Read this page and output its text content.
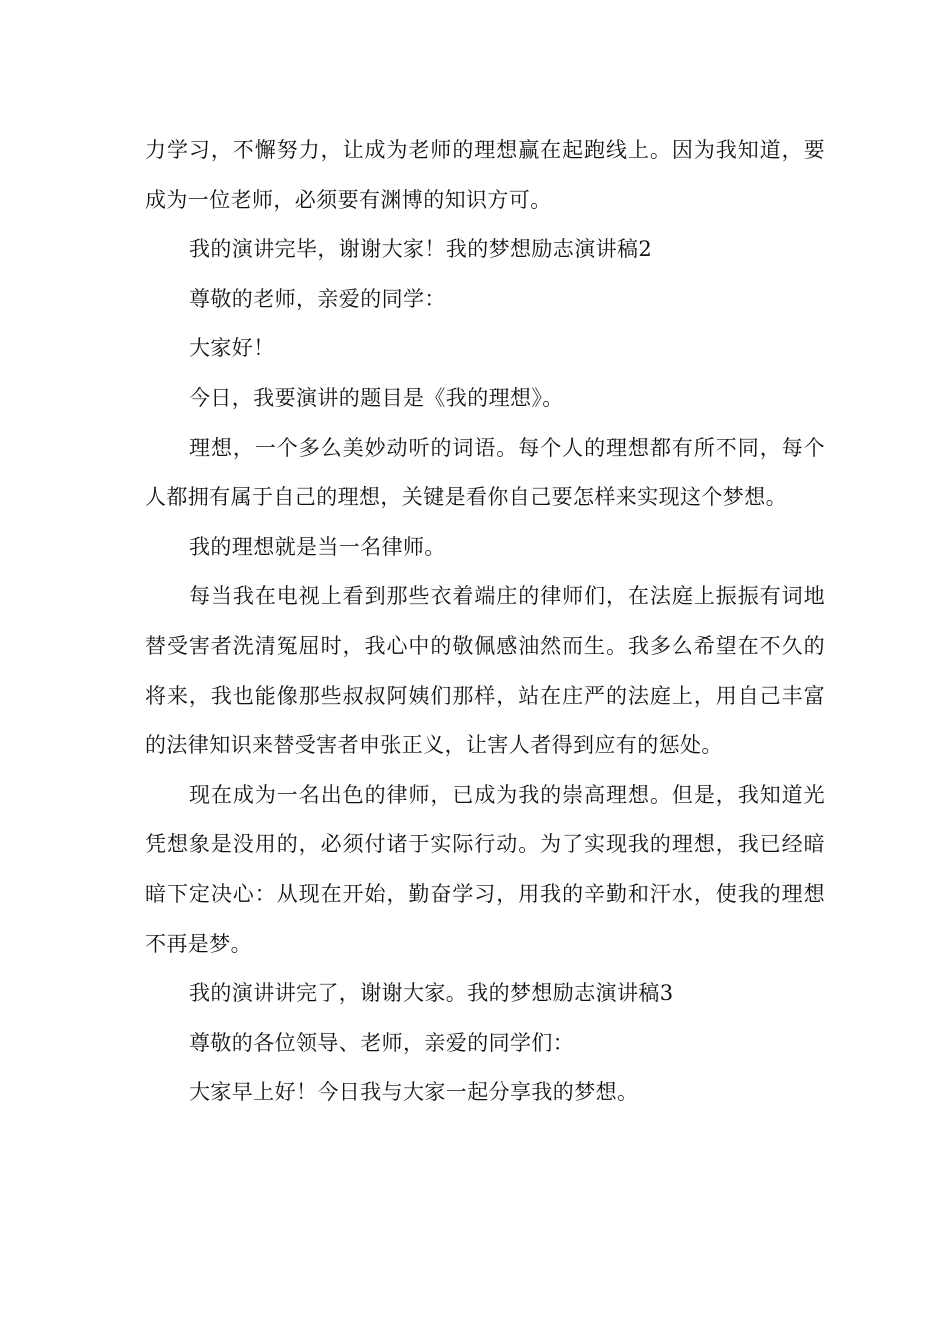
力学习，不懈努力，让成为老师的理想赢在起跑线上。因为我知道，要成为一位老师，必须要有渊博的知识方可。

我的演讲完毕，谢谢大家！我的梦想励志演讲稿2

尊敬的老师，亲爱的同学：

大家好！

今日，我要演讲的题目是《我的理想》。

理想，一个多么美妙动听的词语。每个人的理想都有所不同，每个人都拥有属于自己的理想，关键是看你自己要怎样来实现这个梦想。

我的理想就是当一名律师。

每当我在电视上看到那些衣着端庄的律师们，在法庭上振振有词地替受害者洗清冤屈时，我心中的敬佩感油然而生。我多么希望在不久的将来，我也能像那些叔叔阿姨们那样，站在庄严的法庭上，用自己丰富的法律知识来替受害者申张正义，让害人者得到应有的惩处。

现在成为一名出色的律师，已成为我的崇高理想。但是，我知道光凭想象是没用的，必须付诸于实际行动。为了实现我的理想，我已经暗暗下定决心：从现在开始，勤奋学习，用我的辛勤和汗水，使我的理想不再是梦。

我的演讲讲完了，谢谢大家。我的梦想励志演讲稿3

尊敬的各位领导、老师，亲爱的同学们：

大家早上好！今日我与大家一起分享我的梦想。
